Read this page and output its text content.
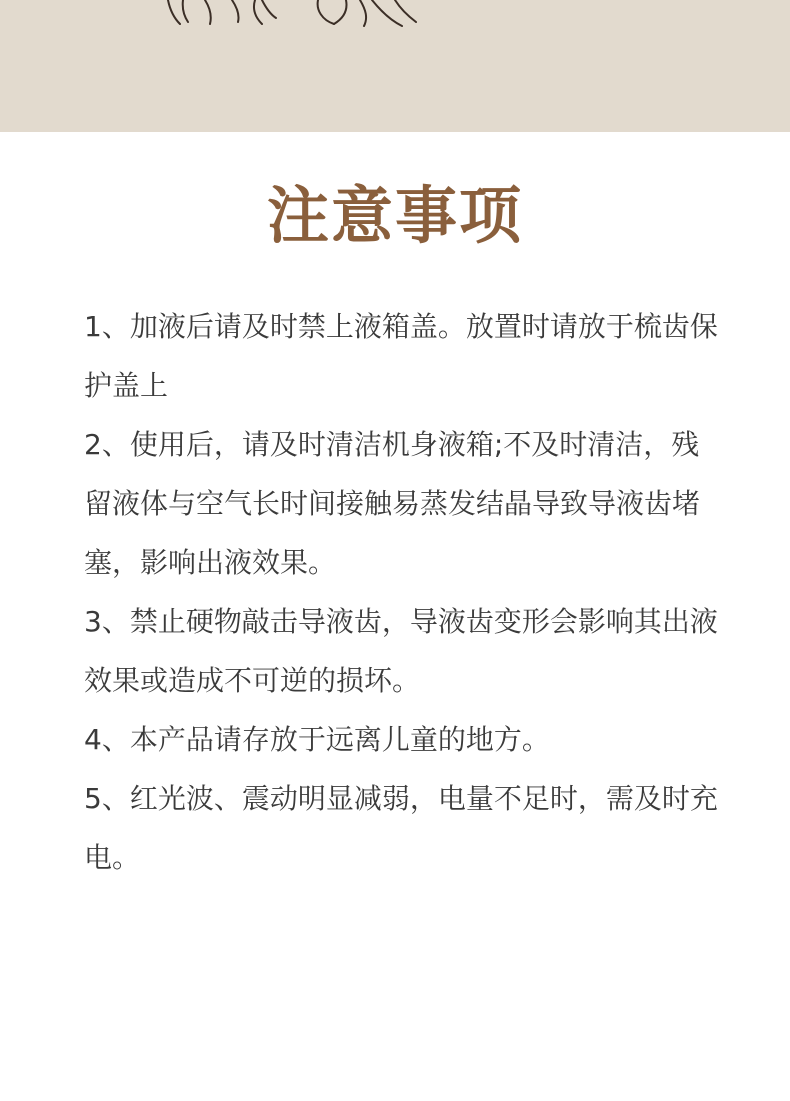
注意事项
1、加液后请及时禁上液箱盖。放置时请放于梳齿保护盖上
2、使用后，请及时清洁机身液箱;不及时清洁，残留液体与空气长时间接触易蒸发结晶导致导液齿堵塞，影响出液效果。
3、禁止硬物敲击导液齿，导液齿变形会影响其出液效果或造成不可逆的损坏。
4、本产品请存放于远离儿童的地方。
5、红光波、震动明显减弱，电量不足时，需及时充电。
